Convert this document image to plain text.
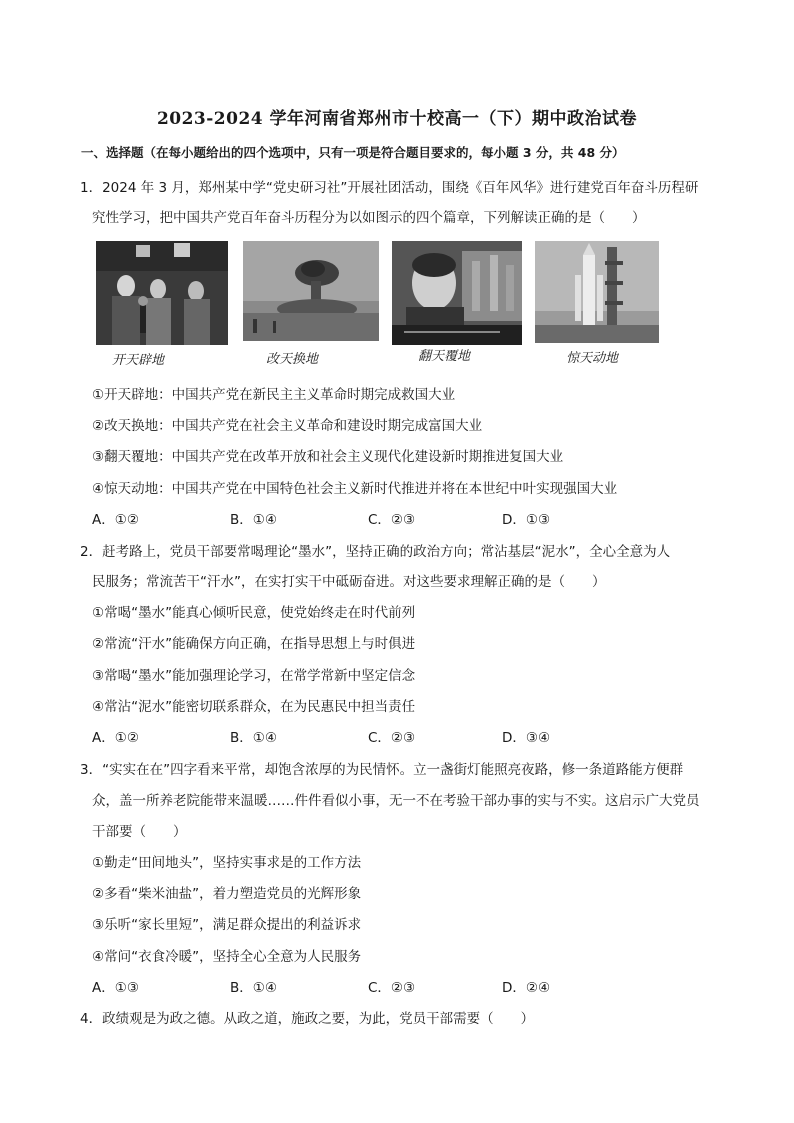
2023-2024 学年河南省郑州市十校高一（下）期中政治试卷
一、选择题（在每小题给出的四个选项中，只有一项是符合题目要求的，每小题 3 分，共 48 分）
1．2024 年 3 月，郑州某中学“党史研习社”开展社团活动，围绕《百年风华》进行建党百年奋斗历程研
究性学习，把中国共产党百年奋斗历程分为以如图示的四个篇章，下列解读正确的是（　　）
开天辟地	改天换地	翻天覆地	惊天动地
①开天辟地：中国共产党在新民主主义革命时期完成救国大业
②改天换地：中国共产党在社会主义革命和建设时期完成富国大业
③翻天覆地：中国共产党在改革开放和社会主义现代化建设新时期推进复国大业
④惊天动地：中国共产党在中国特色社会主义新时代推进并将在本世纪中叶实现强国大业
A．①②	B．①④	C．②③	D．①③
2．赶考路上，党员干部要常喝理论“墨水”，坚持正确的政治方向；常沾基层“泥水”，全心全意为人
民服务；常流苦干“汗水”，在实打实干中砥砺奋进。对这些要求理解正确的是（　　）
①常喝“墨水”能真心倾听民意，使党始终走在时代前列
②常流“汗水”能确保方向正确，在指导思想上与时俱进
③常喝“墨水”能加强理论学习，在常学常新中坚定信念
④常沾“泥水”能密切联系群众，在为民惠民中担当责任
A．①②	B．①④	C．②③	D．③④
3．“实实在在”四字看来平常，却饱含浓厚的为民情怀。立一盏街灯能照亮夜路，修一条道路能方便群
众，盖一所养老院能带来温暖……件件看似小事，无一不在考验干部办事的实与不实。这启示广大党员
干部要（　　）
①勤走“田间地头”，坚持实事求是的工作方法
②多看“柴米油盐”，着力塑造党员的光辉形象
③乐听“家长里短”，满足群众提出的利益诉求
④常问“衣食冷暖”，坚持全心全意为人民服务
A．①③	B．①④	C．②③	D．②④
4．政绩观是为政之德。从政之道，施政之要，为此，党员干部需要（　　）
